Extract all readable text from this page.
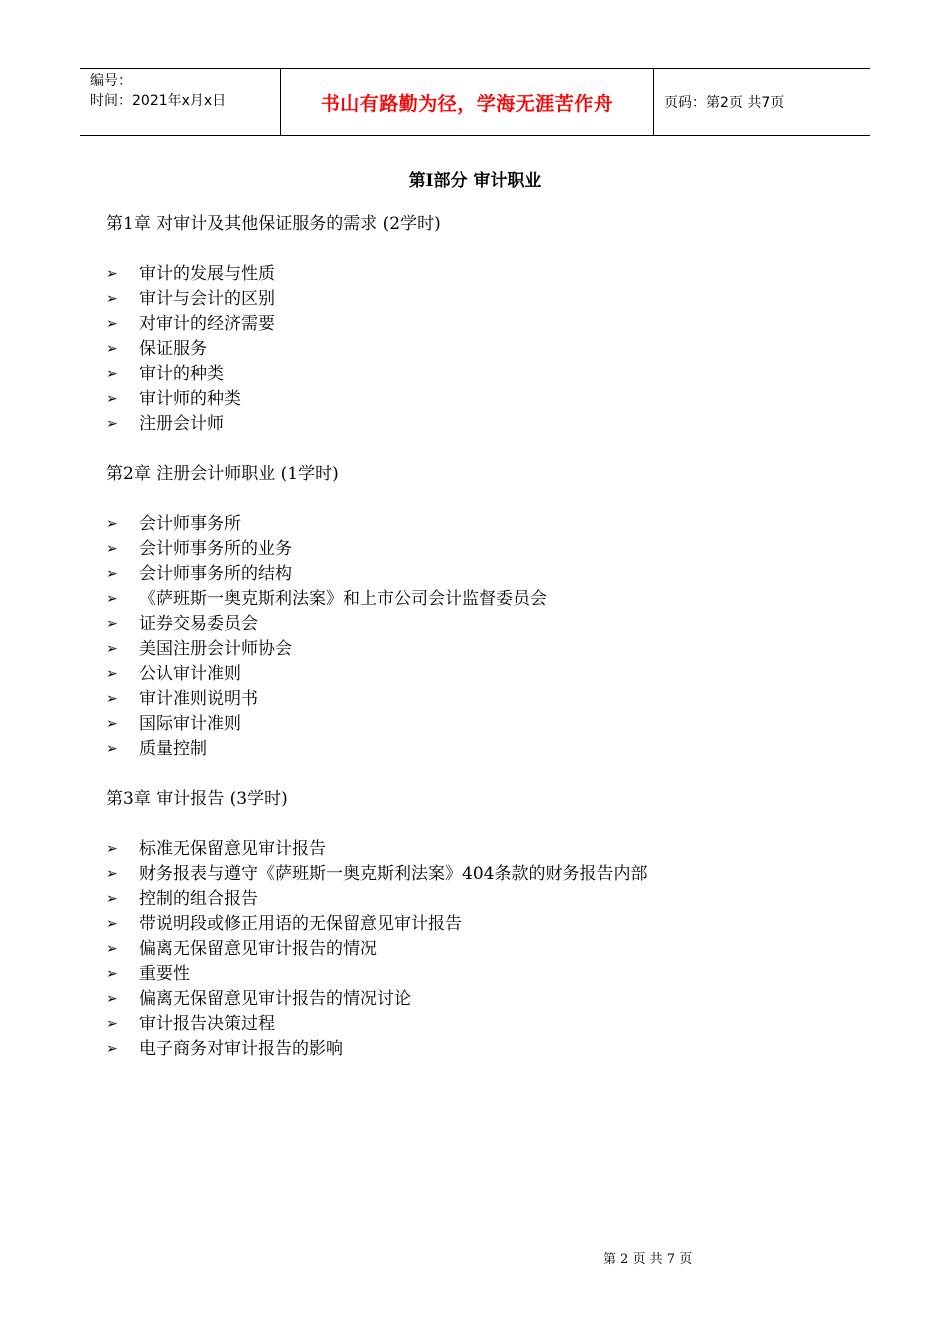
编号：
时间：2021年x月x日	书山有路勤为径，学海无涯苦作舟	页码：第2页 共7页
第Ⅰ部分 审计职业
第1章 对审计及其他保证服务的需求 (2学时)
➢ 审计的发展与性质
➢ 审计与会计的区别
➢ 对审计的经济需要
➢ 保证服务
➢ 审计的种类
➢ 审计师的种类
➢ 注册会计师
第2章 注册会计师职业 (1学时)
➢ 会计师事务所
➢ 会计师事务所的业务
➢ 会计师事务所的结构
➢ 《萨班斯一奥克斯利法案》和上市公司会计监督委员会
➢ 证券交易委员会
➢ 美国注册会计师协会
➢ 公认审计准则
➢ 审计准则说明书
➢ 国际审计准则
➢ 质量控制
第3章 审计报告 (3学时)
➢ 标准无保留意见审计报告
➢ 财务报表与遵守《萨班斯一奥克斯利法案》404条款的财务报告内部
➢ 控制的组合报告
➢ 带说明段或修正用语的无保留意见审计报告
➢ 偏离无保留意见审计报告的情况
➢ 重要性
➢ 偏离无保留意见审计报告的情况讨论
➢ 审计报告决策过程
➢ 电子商务对审计报告的影响
第 2 页 共 7 页
